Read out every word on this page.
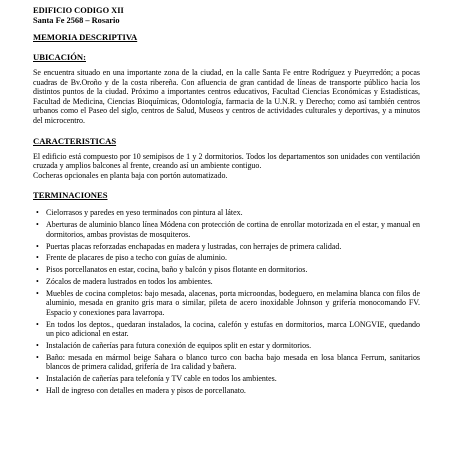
EDIFICIO CODIGO XII
Santa Fe 2568 – Rosario
MEMORIA DESCRIPTIVA
UBICACIÓN:

Se encuentra situado en una importante zona de la ciudad, en la calle Santa Fe entre Rodríguez y Pueyrredón; a pocas cuadras de Bv.Oroño y de la costa ribereña. Con afluencia de gran cantidad de líneas de transporte público hacia los distintos puntos de la ciudad. Próximo a importantes centros educativos, Facultad Ciencias Económicas y Estadísticas, Facultad de Medicina, Ciencias Bioquímicas, Odontología, farmacia de la U.N.R. y Derecho; como así también centros urbanos como el Paseo del siglo, centros de Salud, Museos y centros de actividades culturales y deportivas, y a minutos del microcentro.

CARACTERISTICAS

El edificio está compuesto por 10 semipisos de 1 y 2 dormitorios. Todos los departamentos son unidades con ventilación cruzada y amplios balcones al frente, creando así un ambiente contiguo.

Cocheras opcionales en planta baja con portón automatizado.

TERMINACIONES
• Cielorrasos y paredes en yeso terminados con pintura al látex.
• Aberturas de aluminio blanco línea Módena con protección de cortina de enrollar motorizada en el estar, y manual en dormitorios, ambas provistas de mosquiteros.
• Puertas placas reforzadas enchapadas en madera y lustradas, con herrajes de primera calidad.
• Frente de placares de piso a techo con guías de aluminio.
• Pisos porcellanatos en estar, cocina, baño y balcón y pisos flotante en dormitorios.
• Zócalos de madera lustrados en todos los ambientes.
• Muebles de cocina completos: bajo mesada, alacenas, porta microondas, bodeguero, en melamina blanca con filos de aluminio, mesada en granito gris mara o similar, pileta de acero inoxidable Johnson y grifería monocomando FV. Espacio y conexiones para lavarropa.
• En todos los deptos., quedaran instalados, la cocina, calefón y estufas en dormitorios, marca LONGVIE, quedando un pico adicional en estar.
• Instalación de cañerías para futura conexión de equipos split en estar y dormitorios.
• Baño: mesada en mármol beige Sahara o blanco turco con bacha bajo mesada en losa blanca Ferrum, sanitarios blancos de primera calidad, grifería de 1ra calidad y bañera.
• Instalación de cañerías para telefonía y TV cable en todos los ambientes.
• Hall de ingreso con detalles en madera y pisos de porcellanato.
